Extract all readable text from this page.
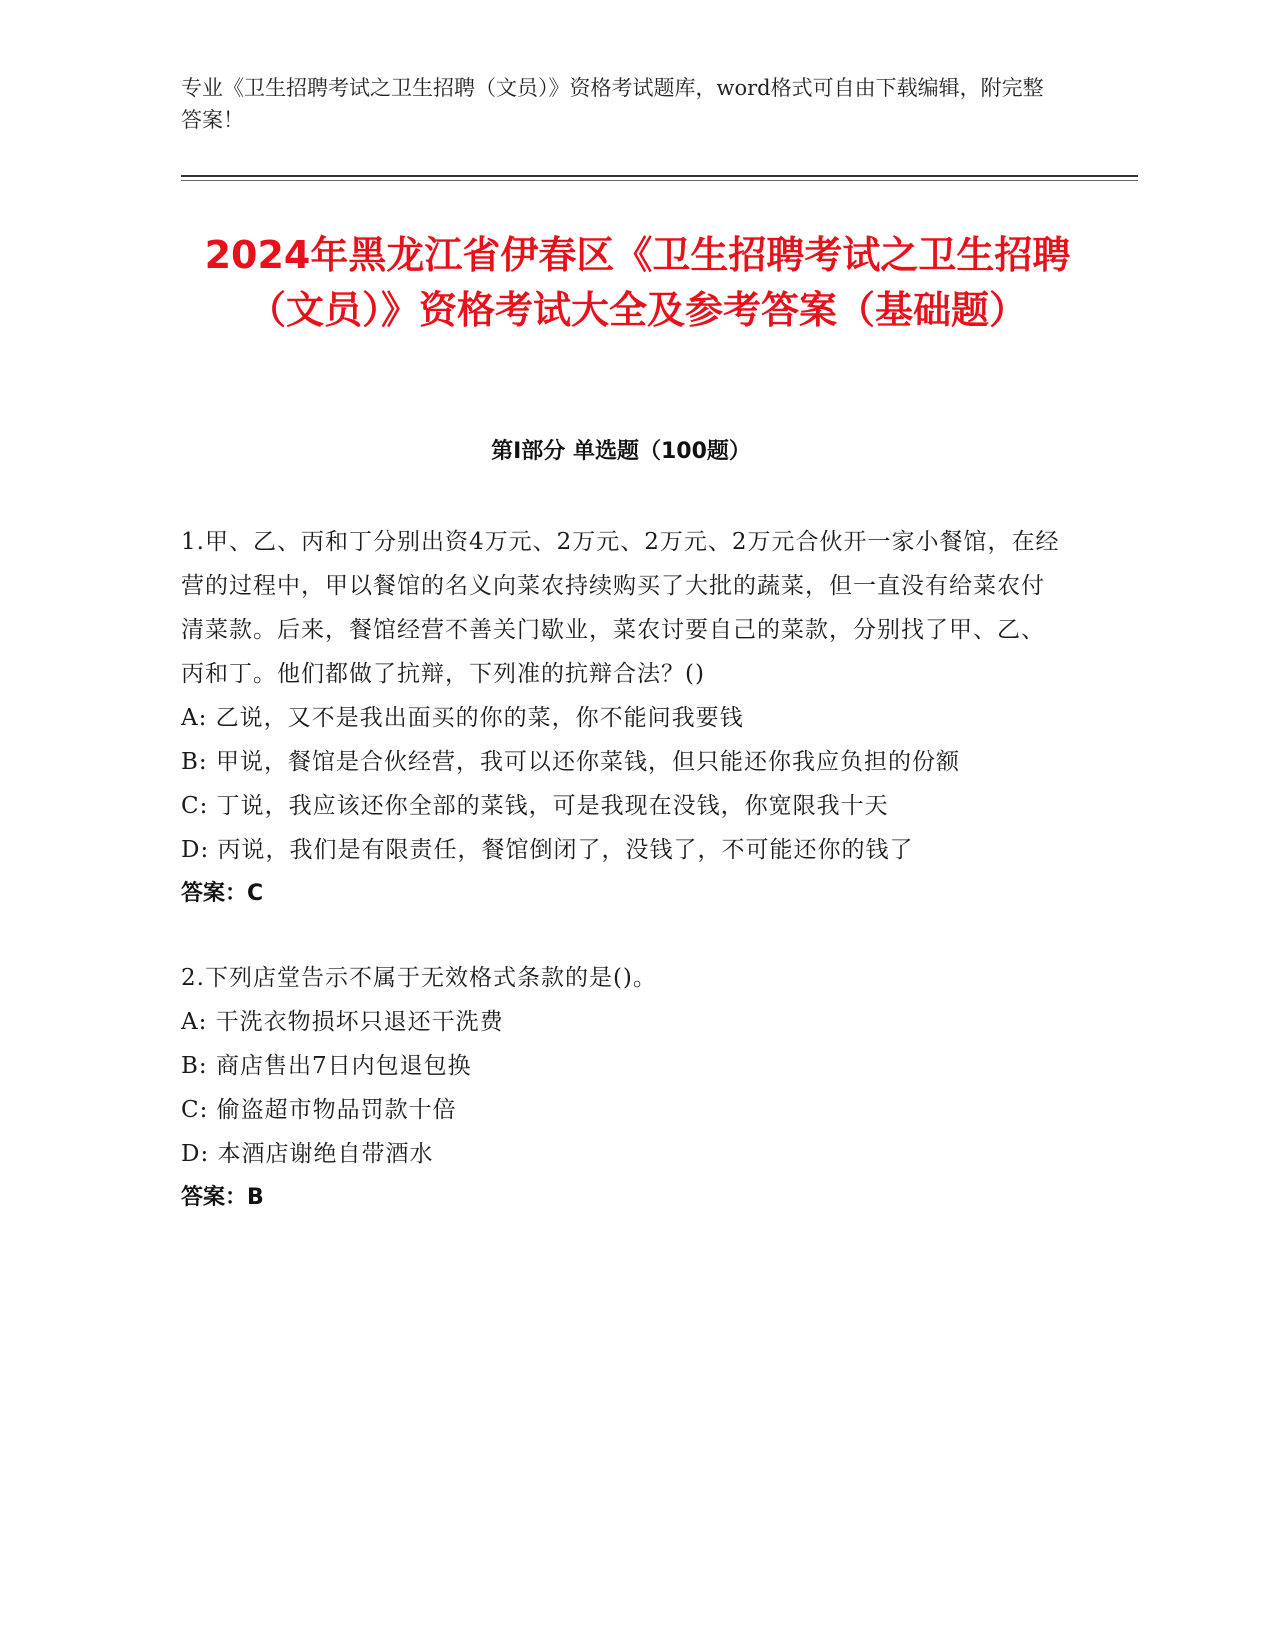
专业《卫生招聘考试之卫生招聘（文员）》资格考试题库，word格式可自由下载编辑，附完整答案！
2024年黑龙江省伊春区《卫生招聘考试之卫生招聘（文员）》资格考试大全及参考答案（基础题）
第I部分 单选题（100题）
1.甲、乙、丙和丁分别出资4万元、2万元、2万元、2万元合伙开一家小餐馆，在经营的过程中，甲以餐馆的名义向菜农持续购买了大批的蔬菜，但一直没有给菜农付清菜款。后来，餐馆经营不善关门歇业，菜农讨要自己的菜款，分别找了甲、乙、丙和丁。他们都做了抗辩，下列准的抗辩合法？()
A: 乙说，又不是我出面买的你的菜，你不能问我要钱
B: 甲说，餐馆是合伙经营，我可以还你菜钱，但只能还你我应负担的份额
C: 丁说，我应该还你全部的菜钱，可是我现在没钱，你宽限我十天
D: 丙说，我们是有限责任，餐馆倒闭了，没钱了，不可能还你的钱了
答案：C
2.下列店堂告示不属于无效格式条款的是()。
A: 干洗衣物损坏只退还干洗费
B: 商店售出7日内包退包换
C: 偷盗超市物品罚款十倍
D: 本酒店谢绝自带酒水
答案：B
